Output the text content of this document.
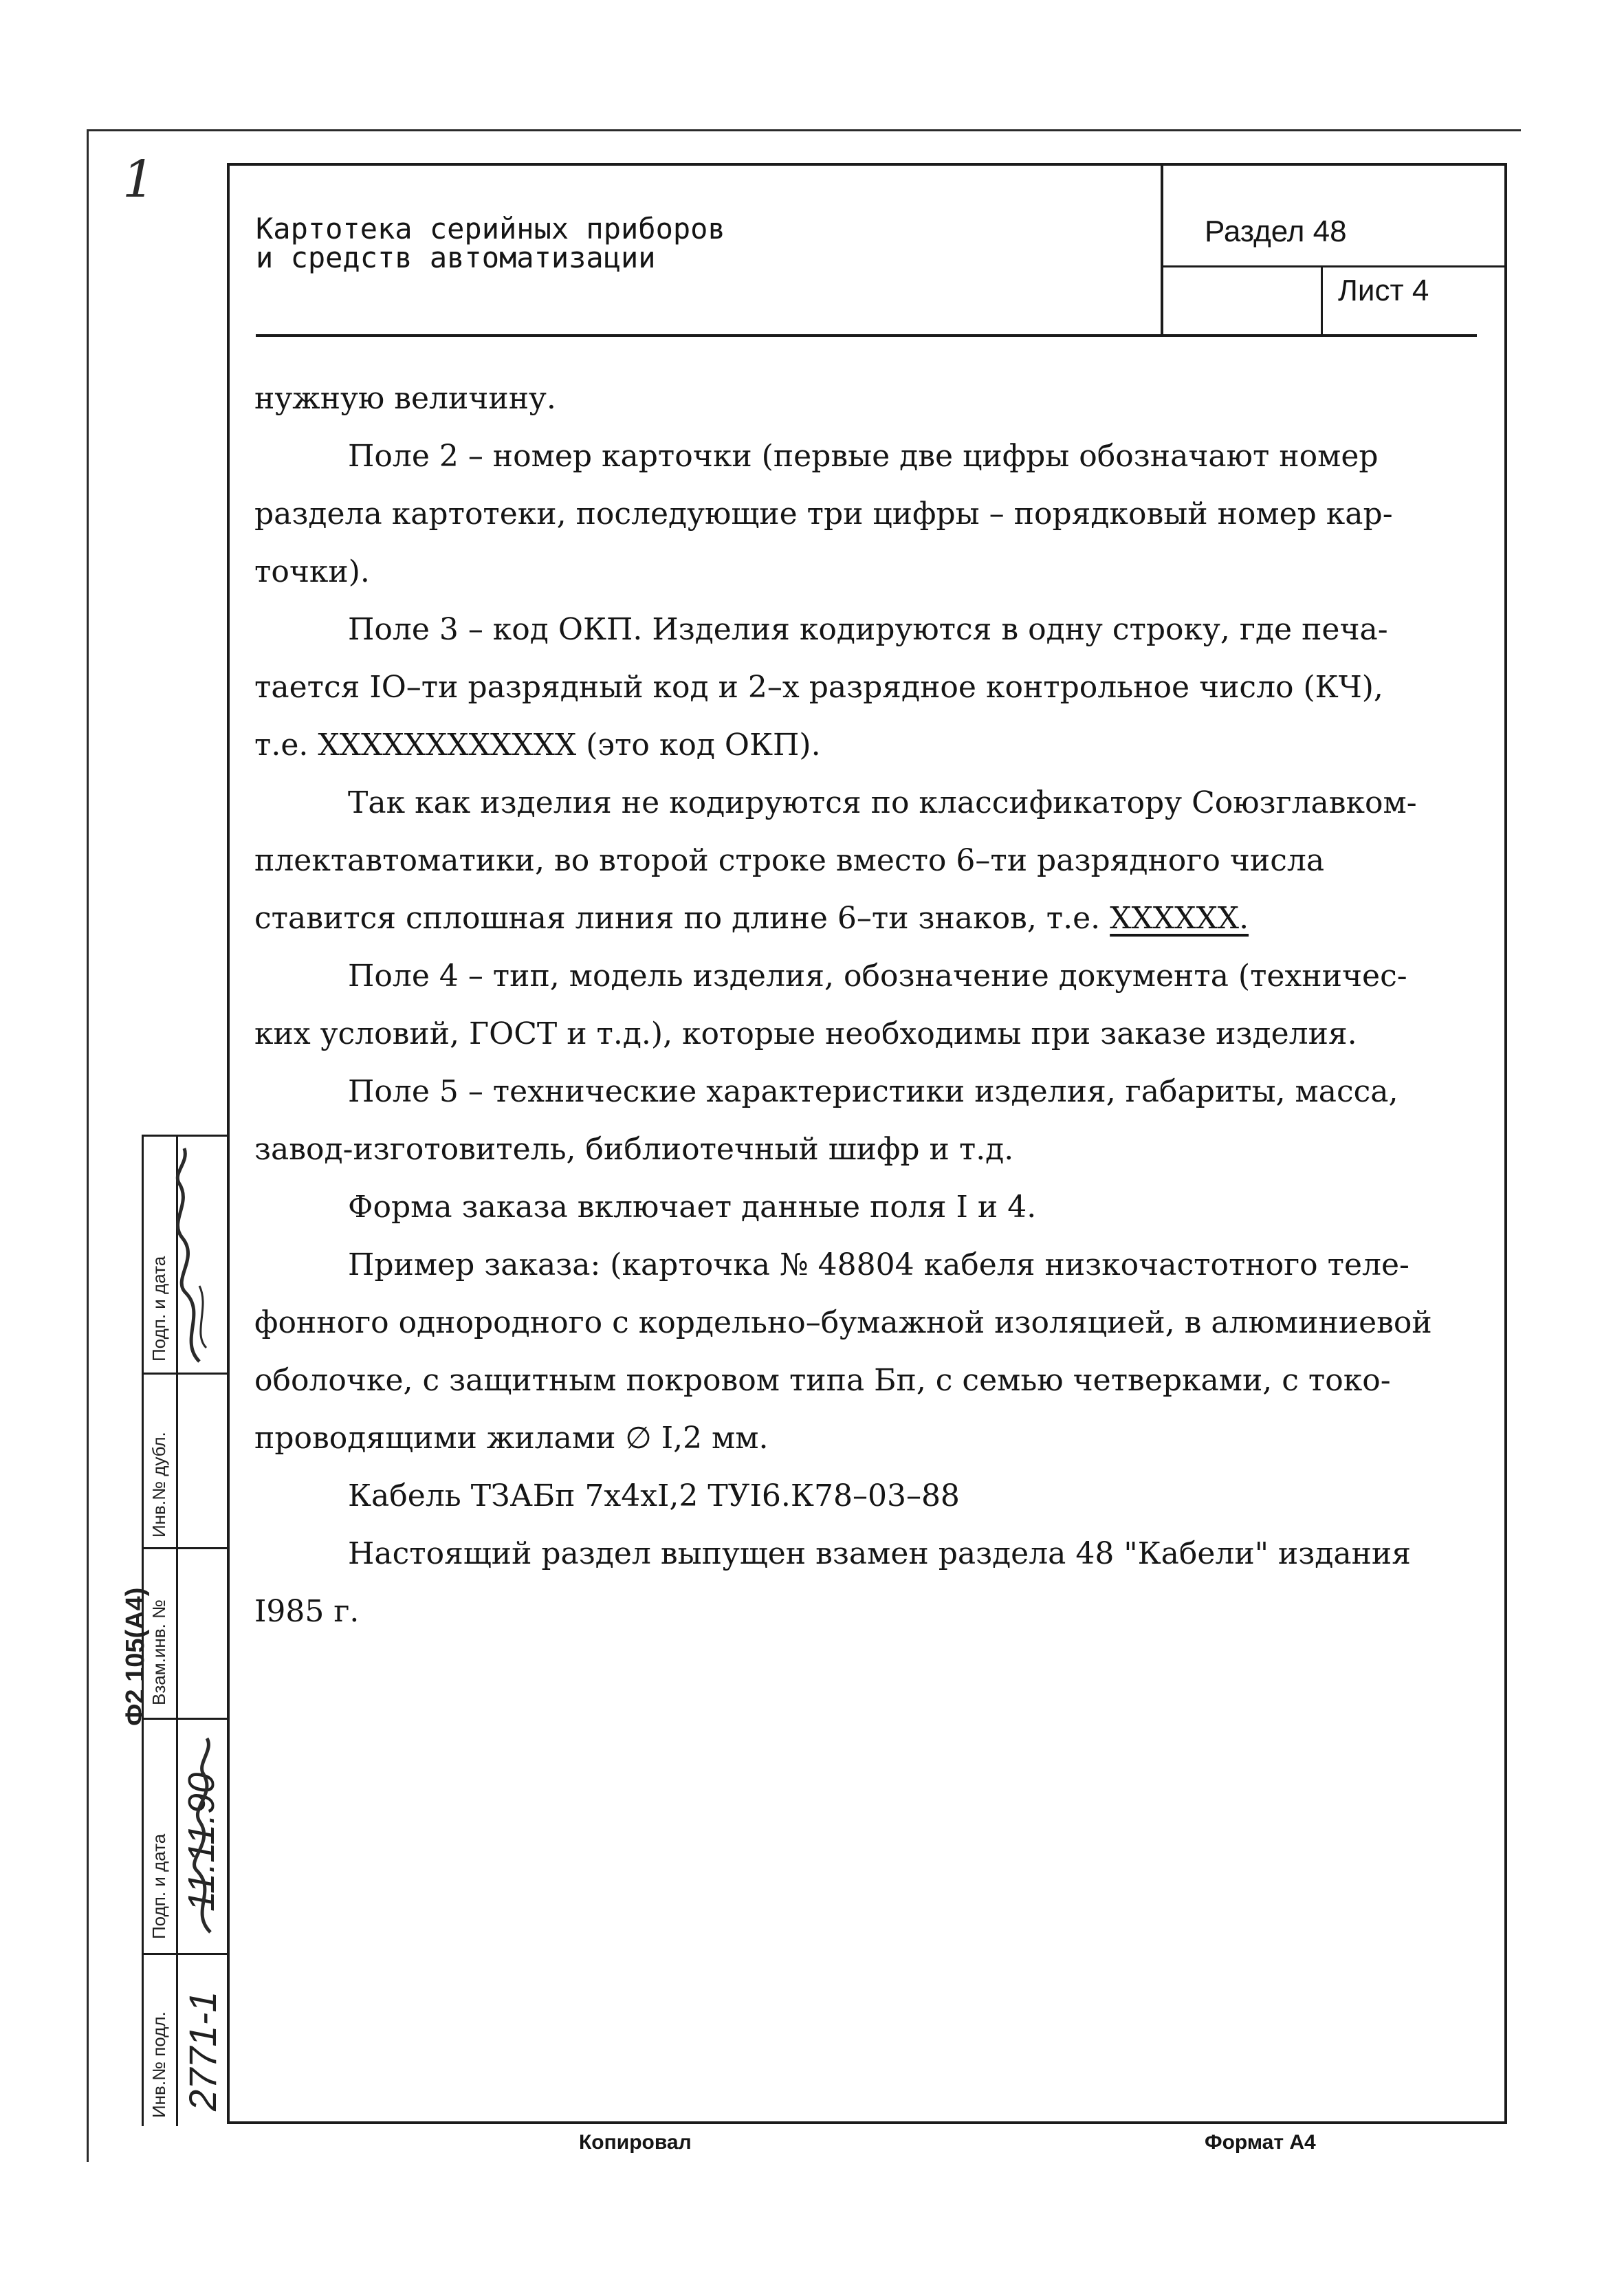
1
Картотека серийных приборов
и средств автоматизации
Раздел 48
Лист 4
нужную величину.
Поле 2 – номер карточки (первые две цифры обозначают номер
раздела картотеки, последующие три цифры – порядковый номер кар-
точки).
Поле 3 – код ОКП. Изделия кодируются в одну строку, где печа-
тается IO–ти разрядный код и 2–х разрядное контрольное число (КЧ),
т.е. XXXXXXXXXXXX (это код ОКП).
Так как изделия не кодируются по классификатору Союзглавком-
плектавтоматики, во второй строке вместо 6–ти разрядного числа
ставится сплошная линия по длине 6–ти знаков, т.е. XXXXXX.
Поле 4 – тип, модель изделия, обозначение документа (техничес-
ких условий, ГОСТ и т.д.), которые необходимы при заказе изделия.
Поле 5 – технические характеристики изделия, габариты, масса,
завод-изготовитель, библиотечный шифр и т.д.
Форма заказа включает данные поля I и 4.
Пример заказа: (карточка № 48804 кабеля низкочастотного теле-
фонного однородного с кордельно–бумажной изоляцией, в алюминиевой
оболочке, с защитным покровом типа Бп, с семью четверками, с токо-
проводящими жилами ∅ I,2 мм.
Кабель ТЗАБп 7х4хI,2 ТУI6.К78–03–88
Настоящий раздел выпущен взамен раздела 48 "Кабели" издания
I985 г.
Инв.№ подл.
Подп. и дата
Взам.инв. №
Инв.№ дубл.
Подп. и дата
2771-1
11.11.90
Ф2 105(А4)
Копировал	Формат А4
